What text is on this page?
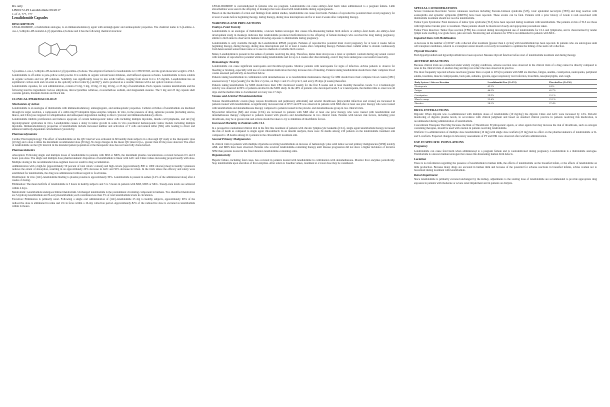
Rx only
LB00172-PI Lenalidomide 09/2017
1 of 2, ???, ???
Lenalidomide Capsules
DESCRIPTION
LENALIDOMIDE, a thalidomide analogue, is an immunomodulatory agent with antiangiogenic and antineoplastic properties. The chemical name is 3-(4-amino-1-oxo-1,3-dihydro-2H-isoindol-2-yl) piperidine-2,6-dione and it has the following chemical structure:
3-(4-amino-1-oxo-1,3-dihydro-2H-isoindol-2-yl) piperidine-2,6-dione. The empirical formula for lenalidomide is C13H13N3O3, and the gram molecular weight is 259.3.
Lenalidomide is off-white to pale-yellow solid powder. It is soluble in organic solvent/water mixtures, and buffered aqueous solvents. Lenalidomide is more soluble in organic solvents and low pH solutions. Solubility was significantly lower in less acidic buffers, ranging from about 0.4 to 0.5 mg/mL. Lenalidomide has an asymmetric carbon atom and can exist as the optically active forms S(-) and R(+), and is produced as a racemic mixture with a net optical rotation of zero.
Lenalidomide capsules, for oral administration, contain 2.5 mg, 5 mg, 10 mg, 15 mg, 20 mg, or 25 mg of lenalidomide. Each capsule contains lenalidomide and the following inactive ingredients: lactose anhydrous, microcrystalline cellulose, croscarmellose sodium, and magnesium stearate. The 5 mg and 25 mg capsule shell contains gelatin, titanium dioxide and black ink.
CLINICAL PHARMACOLOGY
Mechanism of Action
Lenalidomide is an analogue of thalidomide with immunomodulatory, antiangiogenic, and antineoplastic properties. Cellular activities of lenalidomide are mediated through its target cereblon, a component of a cullin ring E3 ubiquitin ligase enzyme complex. In vitro, in the presence of drug, substrate proteins (including Aiolos, Ikaros, and CK1α) are targeted for ubiquitination and subsequent degradation leading to direct cytotoxic and immunomodulatory effects.
Lenalidomide inhibits proliferation and induces apoptosis of certain hematopoietic tumor cells including multiple myeloma, mantle cell lymphoma, and del (5q) myelodysplastic syndromes in vitro. Lenalidomide causes a delay in tumor growth in some in vivo nonclinical hematopoietic tumor models including multiple myeloma. Immunomodulatory properties of lenalidomide include increased number and activation of T cells and natural killer (NK) cells leading to direct and enhanced antibody-dependent cell-mediated cytotoxicity.
Pharmacodynamics
Cardiac Electrophysiology: The effect of lenalidomide on the QTc interval was evaluated in 60 healthy male subjects in a thorough QT study at the therapeutic dose (10 mg) and a dose 4 times the maximum recommended dose (50 mg). No large changes in the mean QTc interval (i.e., greater than 20 ms) were detected. The effect of lenalidomide on the QTc interval in the intended patient population at the therapeutic dose has not been fully characterized.
Pharmacokinetics
Absorption: Following single and multiple doses of lenalidomide in patients with MM or MDS, the maximum plasma concentrations occurred between 0.5 and 6 hours post-dose. The single and multiple dose pharmacokinetic disposition of lenalidomide is linear with AUC and Cmax values increasing proportionally with dose. Multiple dosing at the recommended dose-regimen does not result in drug accumulation.
Administration with a high-fat (approximately 50 percent of total caloric content) and high-calorie (approximately 800 to 1000 calories) meal in healthy volunteers reduces the extent of absorption, resulting in an approximately 20% decrease in AUC and 50% decrease in Cmax. In the trials where the efficacy and safety were established for lenalidomide, the drug was administered without regard to food intake.
Distribution: In vitro (14C)-lenalidomide binding to plasma proteins is approximately 30%. Lenalidomide is present in semen (2.2% of the administered dose) after 4 weeks of dosing.
Elimination: The mean half-life of lenalidomide is 3 hours in healthy subjects and 3 to 5 hours in patients with MM, MDS or MCL. Steady-state levels are achieved within 4 days.
Metabolism: Lenalidomide undergoes limited metabolism. Unchanged lenalidomide is the predominant circulating component in humans. Two identified metabolites are 5-hydroxy-lenalidomide and N-acetyl-lenalidomide; each constitutes less than 5% of total lenalidomide levels in circulation.
Excretion: Elimination is primarily renal. Following a single oral administration of (14C)-lenalidomide 25 mg to healthy subjects, approximately 90% of the radioactive dose is eliminated in urine and 4% in feces within a 10-day collection period. Approximately 82% of the radioactive dose is excreted as lenalidomide within 24 hours.
LENALIDOMIDE is contraindicated in females who are pregnant. Lenalidomide can cause embryo-fetal harm when administered to a pregnant female. Limb abnormalities were seen in the offspring of monkeys that were dosed with lenalidomide during organogenesis.
Based on the mechanism of action and findings from animal studies, lenalidomide can cause fetal harm. Females of reproductive potential must avoid pregnancy for at least 4 weeks before beginning therapy, during therapy, during dose interruptions and for at least 4 weeks after completing therapy.
WARNINGS AND PRECAUTIONS
Embryo-Fetal Toxicity
Lenalidomide is an analogue of thalidomide, a known human teratogen that causes life-threatening human birth defects or embryo-fetal death. An embryo-fetal development study in monkeys indicates that lenalidomide produced malformations in the offspring of female monkeys who received the drug during pregnancy, similar to birth defects observed in humans following exposure to thalidomide during pregnancy.
Lenalidomide is only available through the Lenalidomide REMS program. Females of reproductive potential must avoid pregnancy for at least 4 weeks before beginning therapy, during therapy, during dose interruptions and for at least 4 weeks after completing therapy. Females must commit either to abstain continuously from heterosexual sexual intercourse or to use two methods of reliable birth control.
Males: Lenalidomide is present in the semen of patients receiving the drug. Therefore, males must always use a latex or synthetic condom during any sexual contact with females of reproductive potential while taking lenalidomide and for up to 4 weeks after discontinuing, even if they have undergone a successful vasectomy.
Hematologic Toxicity
Lenalidomide can cause significant neutropenia and thrombocytopenia. Monitor patients with neutropenia for signs of infection. Advise patients to observe for bleeding or bruising, especially with use of concomitant medication that may increase risk of bleeding. Patients taking lenalidomide should have their complete blood counts assessed periodically as described below.
Patients taking lenalidomide in combination with dexamethasone or as lenalidomide maintenance therapy for MM should have their complete blood counts (CBC) assessed every 7 days (weekly) for the first 2 cycles, on Days 1 and 15 of Cycle 3, and every 28 days (4 weeks) thereafter.
Patients taking lenalidomide for MDS should have their CBC monitored weekly for the first 8 weeks and at least monthly thereafter. Grade 3 or 4 hematologic toxicity was observed in 80% of patients enrolled in the MDS study. In the 48% of patients who developed Grade 3 or 4 neutropenia, the median time to onset was 42 days and the median time to documented recovery was 17 days.
Venous and Arterial Thromboembolism
Venous thromboembolic events (deep venous thrombosis and pulmonary embolism) and arterial thromboses (myocardial infarction and stroke) are increased in patients treated with lenalidomide. A significantly increased risk of DVT and PE was observed in patients with MM after at least one prior therapy who were treated with lenalidomide and dexamethasone therapy compared to patients treated in the placebo and dexamethasone group in two clinical trials.
Myocardial infarction (MI) and stroke (CVA) are increased in patients with MM after at least one prior therapy who were treated with lenalidomide and dexamethasone therapy compared to patients treated with placebo and dexamethasone in two clinical trials. Patients with known risk factors, including prior thrombosis, may be at greater risk and actions should be taken to try to minimize all modifiable factors.
Increased Mortality in Patients with CLL
In a prospective randomized clinical trial in the first line treatment of patients with chronic lymphocytic leukemia (CLL), single agent lenalidomide therapy increased the risk of death as compared to single agent chlorambucil. In an interim analysis, there were 34 deaths among 210 patients on the lenalidomide treatment arm compared to 18 deaths among 211 patients in the chlorambucil treatment arm.
Second Primary Malignancies
In clinical trials in patients with multiple myeloma receiving lenalidomide an increase of hematologic plus solid tumor second primary malignancies (SPM) notably AML and MDS have been observed. Patients who received lenalidomide-containing therapy until disease progression did not show a higher incidence of invasive SPM than patients treated in the fixed duration lenalidomide-containing arms.
Hepatotoxicity
Hepatic failure, including fatal cases, has occurred in patients treated with lenalidomide in combination with dexamethasone. Monitor liver enzymes periodically. Stop lenalidomide upon elevation of liver enzymes. After return to baseline values, treatment at a lower dose may be considered.
SPECIAL CONSIDERATIONS
Severe Cutaneous Reactions: Severe cutaneous reactions including Stevens-Johnson syndrome (SJS), toxic epidermal necrolysis (TEN) and drug reaction with eosinophilia and systemic symptoms (DRESS) have been reported. These events can be fatal. Patients with a prior history of Grade 4 rash associated with thalidomide treatment should not receive lenalidomide.
Tumor Lysis Syndrome: Fatal instances of tumor lysis syndrome (TLS) have been reported during treatment with lenalidomide. The patients at risk of TLS are those with high tumor burden prior to treatment. These patients should be monitored closely and appropriate precautions taken.
Tumor Flare Reaction: Tumor flare reaction (TFR) has occurred during investigational use of lenalidomide for CLL and lymphoma, and is characterized by tender lymph node swelling, low grade fever, pain and rash. Monitoring and evaluation for TFR is recommended in patients with MCL.
Impaired Stem Cell Mobilization
A decrease in the number of CD34+ cells collected after treatment (greater than 4 cycles) with lenalidomide has been reported. In patients who are autologous stem cell transplant candidates, referral to a transplant center should occur early in treatment to optimize the timing of the stem cell collection.
Thyroid Disorders
Both hypothyroidism and hyperthyroidism have been reported. Measure thyroid function before start of lenalidomide treatment and during therapy.
ADVERSE REACTIONS
Because clinical trials are conducted under widely varying conditions, adverse reaction rates observed in the clinical trials of a drug cannot be directly compared to rates in the clinical trials of another drug and may not reflect the rates observed in practice.
The most frequently reported adverse reactions (greater than or equal to 20%) in patients with MM are diarrhea, fatigue, anemia, constipation, neutropenia, peripheral edema, insomnia, muscle cramp/spasms, back pain, asthenia, pyrexia, upper respiratory tract infection, bronchitis, nasopharyngitis, and cough.
Body System / Adverse Reaction	Lenalidomide/Dex (N=353)	Placebo/Dex (N=350)
Neutropenia	42.2%	6.0%
Fatigue	44.2%	41.7%
Constipation	39.9%	21.1%
Muscle cramp	33.4%	21.1%
Diarrhea	38.5%	27.4%
DRUG INTERACTIONS
Digoxin: When digoxin was co-administered with multiple doses of lenalidomide (10 mg/day) the digoxin Cmax and AUC were increased by 14%. Periodic monitoring of digoxin plasma levels, in accordance with clinical judgment and based on standard clinical practice in patients receiving this medication, is recommended during administration of lenalidomide.
Concomitant Therapies That May Increase the Risk of Thrombosis: Erythropoietic agents, or other agents that may increase the risk of thrombosis, such as estrogen containing therapies, should be used with caution in patients receiving lenalidomide.
Warfarin: Co-administration of multiple dose lenalidomide (10 mg) with single dose warfarin (25 mg) had no effect on the pharmacokinetics of lenalidomide or R- and S-warfarin. Expected changes in laboratory assessments of PT and INR were observed after warfarin administration.
USE IN SPECIFIC POPULATIONS
Pregnancy
Lenalidomide can cause fetal harm when administered to a pregnant female and is contraindicated during pregnancy. Lenalidomide is a thalidomide analogue. Thalidomide is a known human teratogen that causes life-threatening human birth defects.
Lactation
There is no information regarding the presence of lenalidomide in human milk, the effects of lenalidomide on the breastfed infant, or the effects of lenalidomide on milk production. Because many drugs are excreted in human milk and because of the potential for adverse reactions in breastfed infants, advise women not to breastfeed during treatment with lenalidomide.
Renal Impairment
Since lenalidomide is primarily excreted unchanged by the kidney, adjustments to the starting dose of lenalidomide are recommended to provide appropriate drug exposure in patients with moderate or severe renal impairment and in patients on dialysis.
